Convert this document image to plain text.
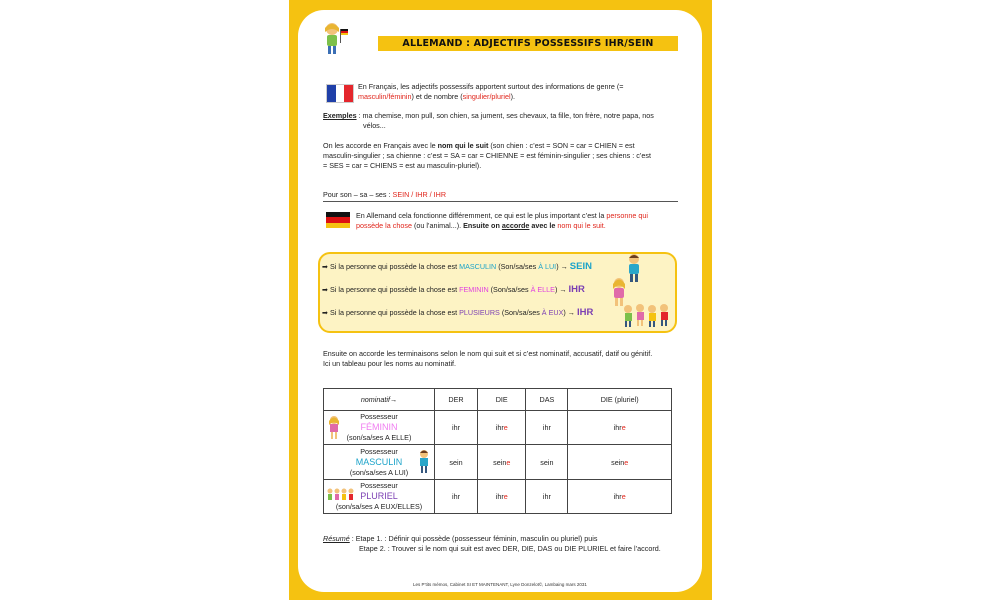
ALLEMAND : ADJECTIFS POSSESSIFS IHR/SEIN
En Français, les adjectifs possessifs apportent surtout des informations de genre (=
masculin/féminin) et de nombre (singulier/pluriel).
Exemples : ma chemise, mon pull, son chien, sa jument, ses chevaux, ta fille, ton frère, notre papa, nos
vélos...
On les accorde en Français avec le nom qui le suit (son chien : c’est = SON = car = CHIEN = est
masculin-singulier ; sa chienne : c’est = SA = car = CHIENNE = est féminin-singulier ; ses chiens : c’est
= SES = car = CHIENS = est au masculin-pluriel).
Pour son – sa – ses : SEIN / IHR / IHR
En Allemand cela fonctionne différemment, ce qui est le plus important c’est la personne qui
possède la chose (ou l’animal...). Ensuite on accorde avec le nom qui le suit.
➡ Si la personne qui possède la chose est MASCULIN (Son/sa/ses À LUI) → SEIN
➡ Si la personne qui possède la chose est FEMININ (Son/sa/ses À ELLE) → IHR
➡ Si la personne qui possède la chose est PLUSIEURS (Son/sa/ses À EUX) → IHR
Ensuite on accorde les terminaisons selon le nom qui suit et si c’est nominatif, accusatif, datif ou génitif.
Ici un tableau pour les noms au nominatif.
nominatif→	DER	DIE	DAS	DIE (pluriel)

Possesseur
FÉMININ
(son/sa/ses A ELLE)	ihr	ihre	ihr	ihre

Possesseur
MASCULIN
(son/sa/ses A LUI)	sein	seine	sein	seine

Possesseur
PLURIEL
(son/sa/ses A EUX/ELLES)	ihr	ihre	ihr	ihre
Résumé : Etape 1. : Définir qui possède (possesseur féminin, masculin ou pluriel) puis
Etape 2. : Trouver si le nom qui suit est avec DER, DIE, DAS ou DIE PLURIEL et faire l’accord.
Les P’tits mémos, Cabinet SI ET MAINTENANT, Lyne Donzelot©, Lambaing mars 2031
